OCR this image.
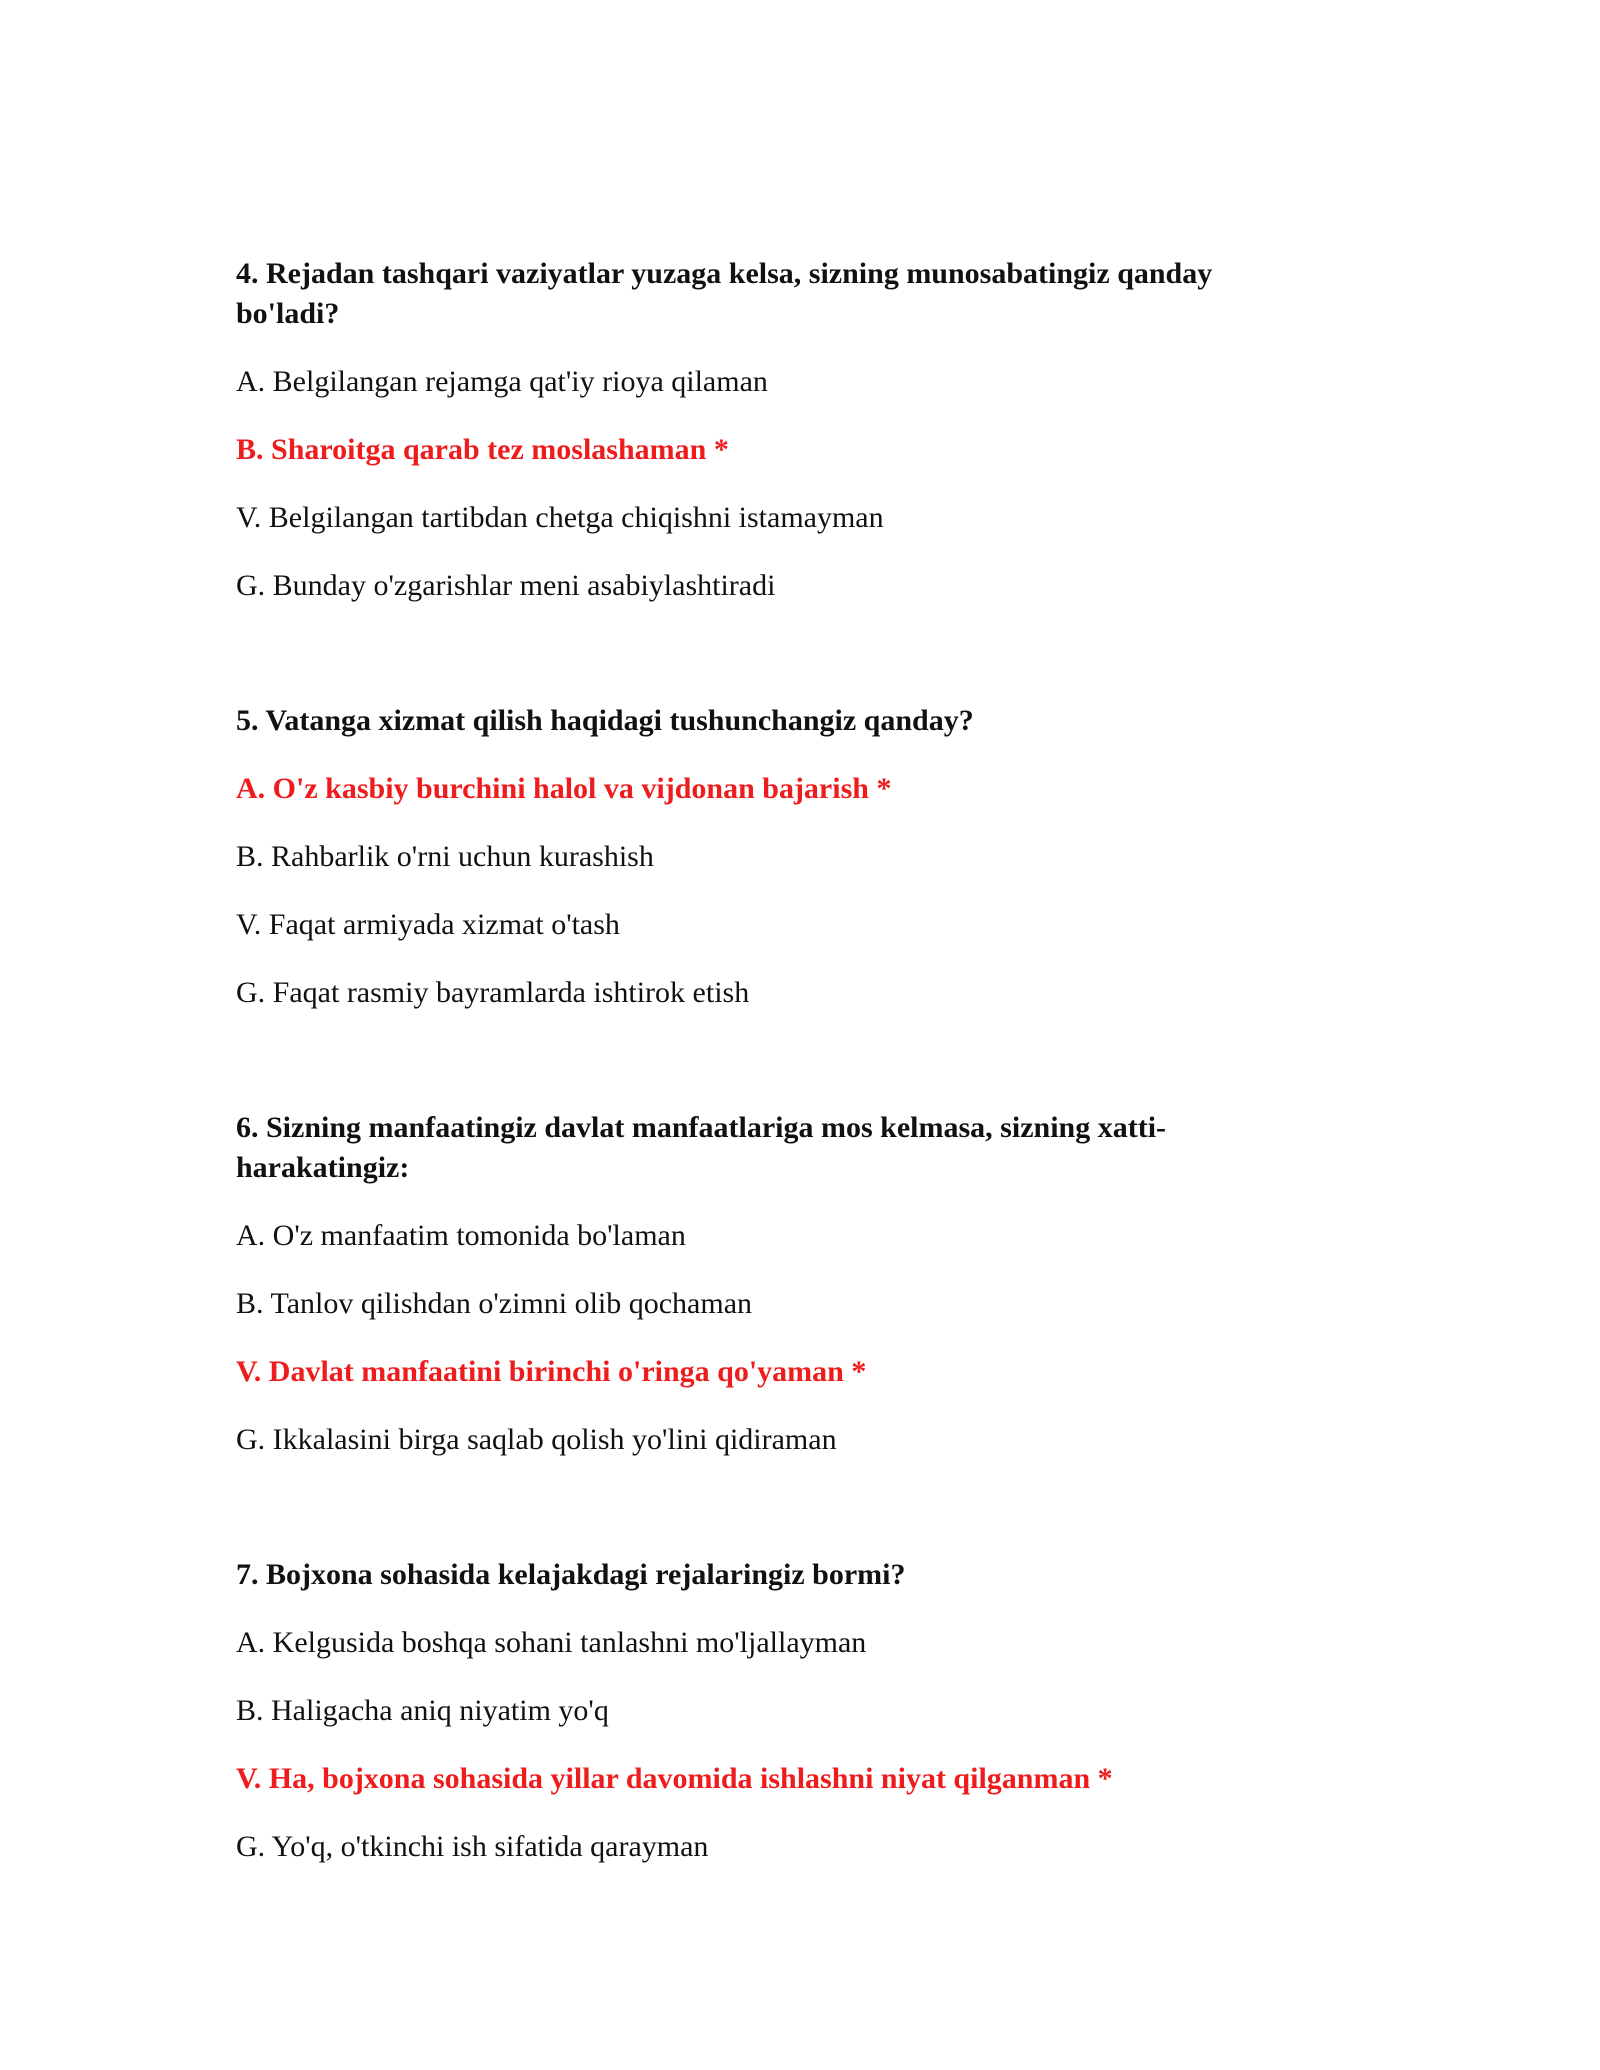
4. Rejadan tashqari vaziyatlar yuzaga kelsa, sizning munosabatingiz qanday bo'ladi?

A. Belgilangan rejamga qat'iy rioya qilaman

B. Sharoitga qarab tez moslashaman *

V. Belgilangan tartibdan chetga chiqishni istamayman

G. Bunday o'zgarishlar meni asabiylashtiradi

5. Vatanga xizmat qilish haqidagi tushunchangiz qanday?

A. O'z kasbiy burchini halol va vijdonan bajarish *

B. Rahbarlik o'rni uchun kurashish

V. Faqat armiyada xizmat o'tash

G. Faqat rasmiy bayramlarda ishtirok etish

6. Sizning manfaatingiz davlat manfaatlariga mos kelmasa, sizning xatti-harakatingiz:

A. O'z manfaatim tomonida bo'laman

B. Tanlov qilishdan o'zimni olib qochaman

V. Davlat manfaatini birinchi o'ringa qo'yaman *

G. Ikkalasini birga saqlab qolish yo'lini qidiraman

7. Bojxona sohasida kelajakdagi rejalaringiz bormi?

A. Kelgusida boshqa sohani tanlashni mo'ljallayman

B. Haligacha aniq niyatim yo'q

V. Ha, bojxona sohasida yillar davomida ishlashni niyat qilganman *

G. Yo'q, o'tkinchi ish sifatida qarayman
